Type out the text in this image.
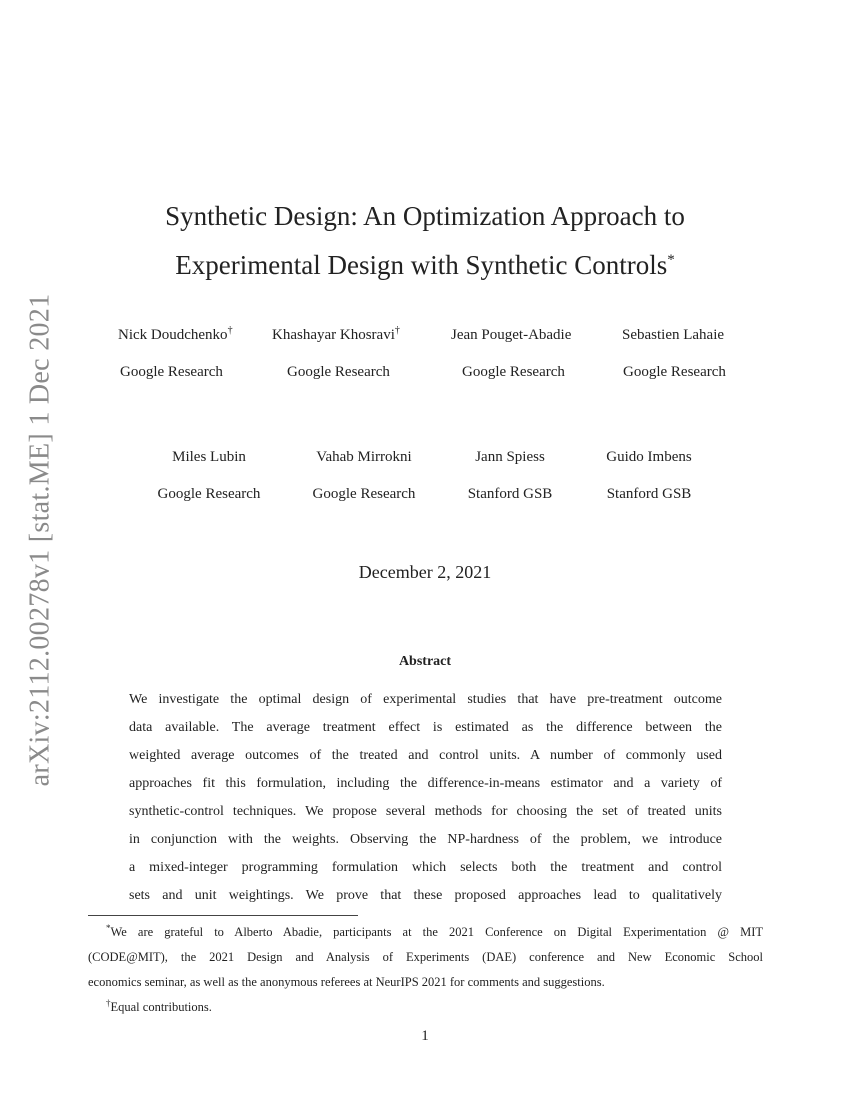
arXiv:2112.00278v1 [stat.ME] 1 Dec 2021
Synthetic Design: An Optimization Approach to
Experimental Design with Synthetic Controls*
Nick Doudchenko†
Google Research
Khashayar Khosravi†
Google Research
Jean Pouget-Abadie
Google Research
Sebastien Lahaie
Google Research
Miles Lubin
Google Research
Vahab Mirrokni
Google Research
Jann Spiess
Stanford GSB
Guido Imbens
Stanford GSB
December 2, 2021
Abstract
We investigate the optimal design of experimental studies that have pre-treatment outcome
data available. The average treatment effect is estimated as the difference between the
weighted average outcomes of the treated and control units. A number of commonly used
approaches fit this formulation, including the difference-in-means estimator and a variety of
synthetic-control techniques. We propose several methods for choosing the set of treated units
in conjunction with the weights. Observing the NP-hardness of the problem, we introduce
a mixed-integer programming formulation which selects both the treatment and control
sets and unit weightings. We prove that these proposed approaches lead to qualitatively
*We are grateful to Alberto Abadie, participants at the 2021 Conference on Digital Experimentation @ MIT
(CODE@MIT), the 2021 Design and Analysis of Experiments (DAE) conference and New Economic School
economics seminar, as well as the anonymous referees at NeurIPS 2021 for comments and suggestions.
†Equal contributions.
1
